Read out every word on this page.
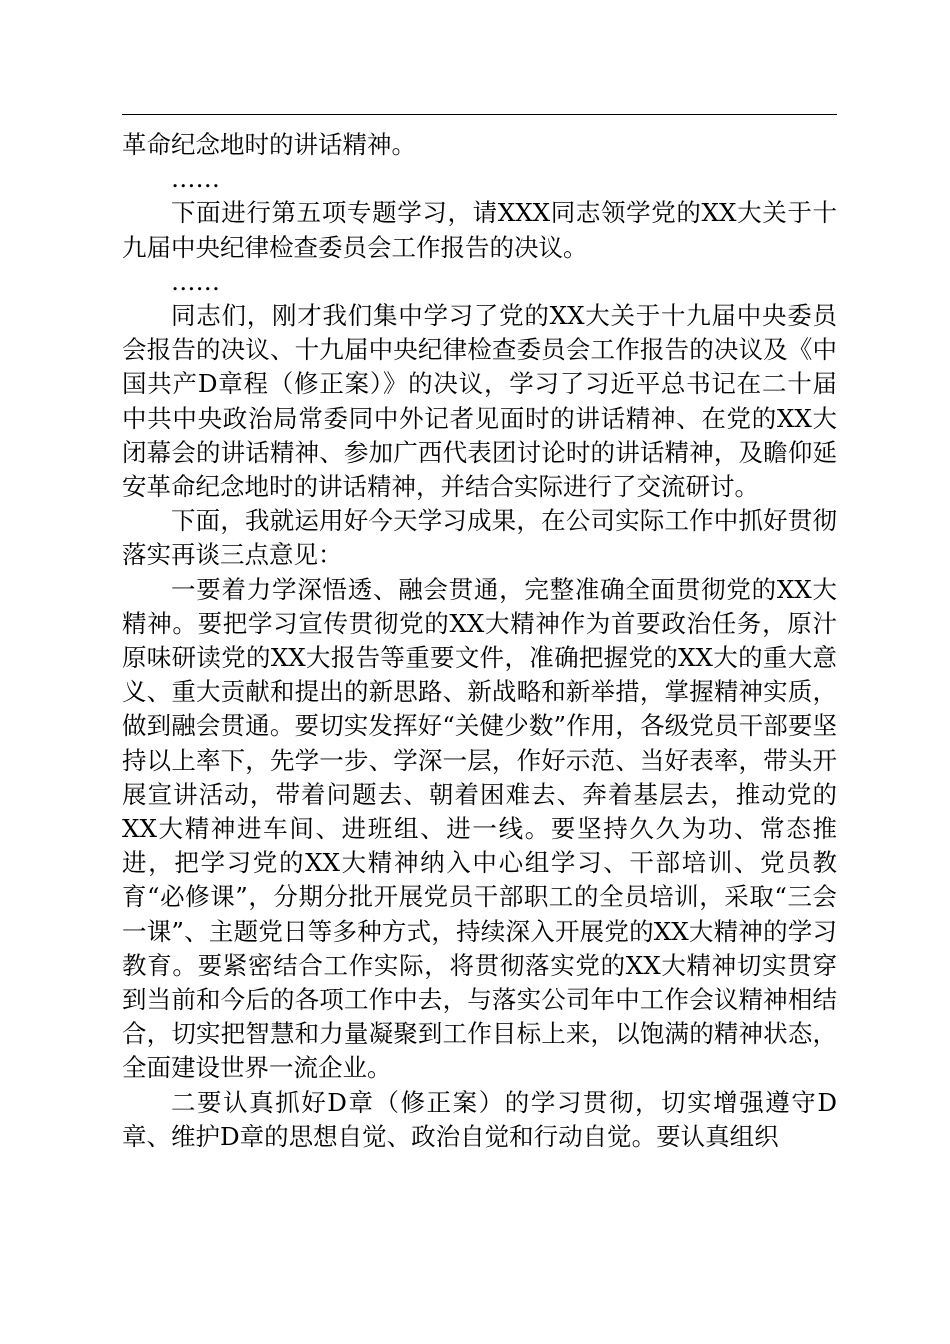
革命纪念地时的讲话精神。

……

下面进行第五项专题学习，请XXX同志领学党的XX大关于十九届中央纪律检查委员会工作报告的决议。

……

同志们，刚才我们集中学习了党的XX大关于十九届中央委员会报告的决议、十九届中央纪律检查委员会工作报告的决议及《中国共产D章程（修正案）》的决议，学习了习近平总书记在二十届中共中央政治局常委同中外记者见面时的讲话精神、在党的XX大闭幕会的讲话精神、参加广西代表团讨论时的讲话精神，及瞻仰延安革命纪念地时的讲话精神，并结合实际进行了交流研讨。

下面，我就运用好今天学习成果，在公司实际工作中抓好贯彻落实再谈三点意见：

一要着力学深悟透、融会贯通，完整准确全面贯彻党的XX大精神。要把学习宣传贯彻党的XX大精神作为首要政治任务，原汁原味研读党的XX大报告等重要文件，准确把握党的XX大的重大意义、重大贡献和提出的新思路、新战略和新举措，掌握精神实质，做到融会贯通。要切实发挥好“关健少数”作用，各级党员干部要坚持以上率下，先学一步、学深一层，作好示范、当好表率，带头开展宣讲活动，带着问题去、朝着困难去、奔着基层去，推动党的XX大精神进车间、进班组、进一线。要坚持久久为功、常态推进，把学习党的XX大精神纳入中心组学习、干部培训、党员教育“必修课”，分期分批开展党员干部职工的全员培训，采取“三会一课”、主题党日等多种方式，持续深入开展党的XX大精神的学习教育。要紧密结合工作实际，将贯彻落实党的XX大精神切实贯穿到当前和今后的各项工作中去，与落实公司年中工作会议精神相结合，切实把智慧和力量凝聚到工作目标上来，以饱满的精神状态，全面建设世界一流企业。

二要认真抓好D章（修正案）的学习贯彻，切实增强遵守D章、维护D章的思想自觉、政治自觉和行动自觉。要认真组织
